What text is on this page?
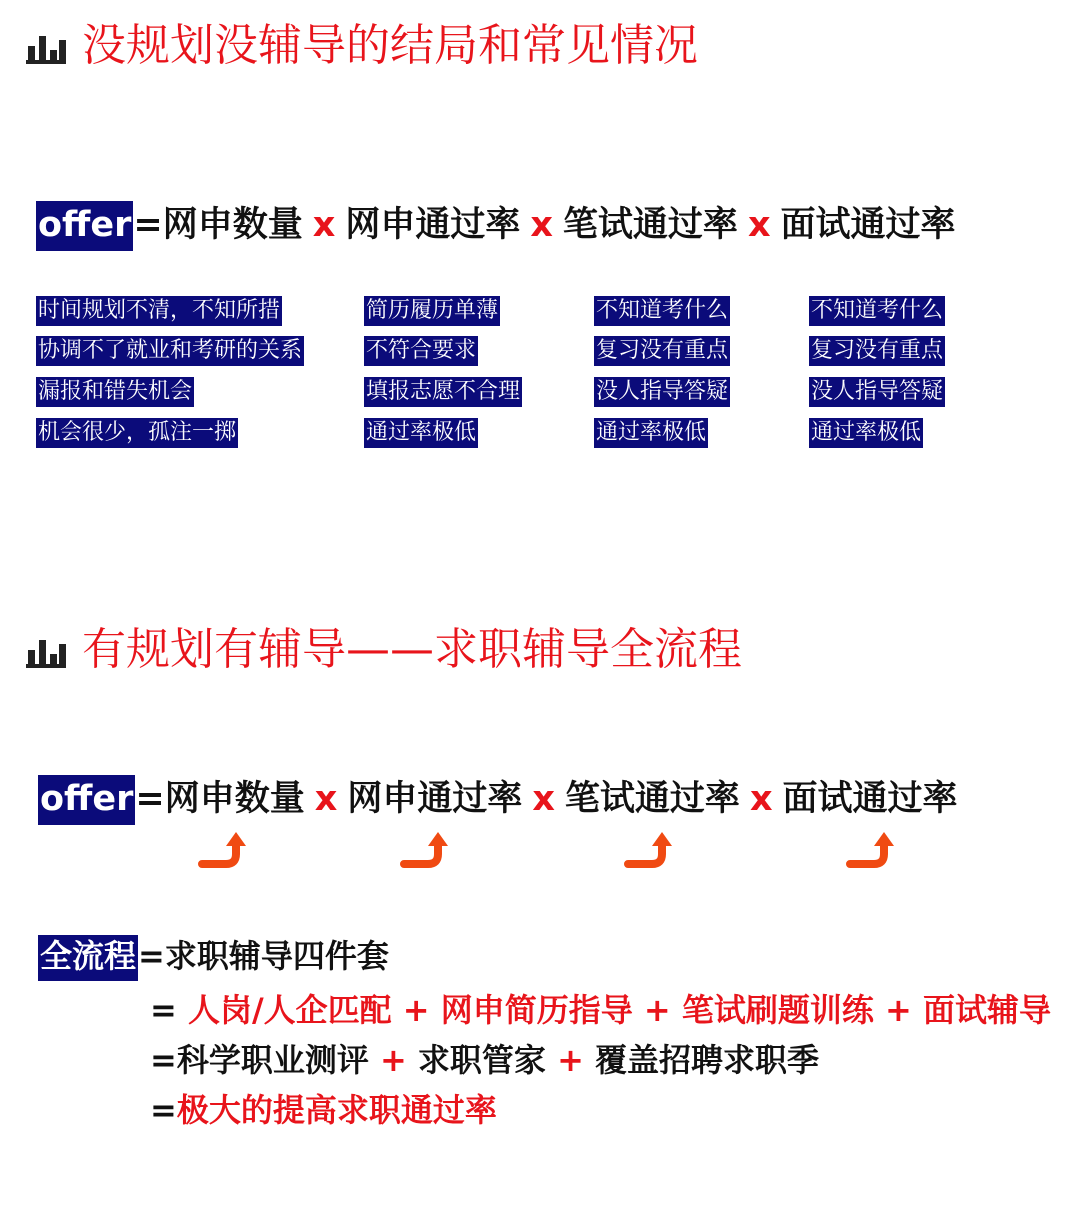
没规划没辅导的结局和常见情况
offer=网申数量 x 网申通过率 x 笔试通过率 x 面试通过率
时间规划不清，不知所措
协调不了就业和考研的关系
漏报和错失机会
机会很少，孤注一掷
简历履历单薄
不符合要求
填报志愿不合理
通过率极低
不知道考什么
复习没有重点
没人指导答疑
通过率极低
不知道考什么
复习没有重点
没人指导答疑
通过率极低
有规划有辅导——求职辅导全流程
offer=网申数量 x 网申通过率 x 笔试通过率 x 面试通过率
全流程=求职辅导四件套
= 人岗/人企匹配 + 网申简历指导 + 笔试刷题训练 + 面试辅导
=科学职业测评 + 求职管家 + 覆盖招聘求职季
=极大的提高求职通过率
